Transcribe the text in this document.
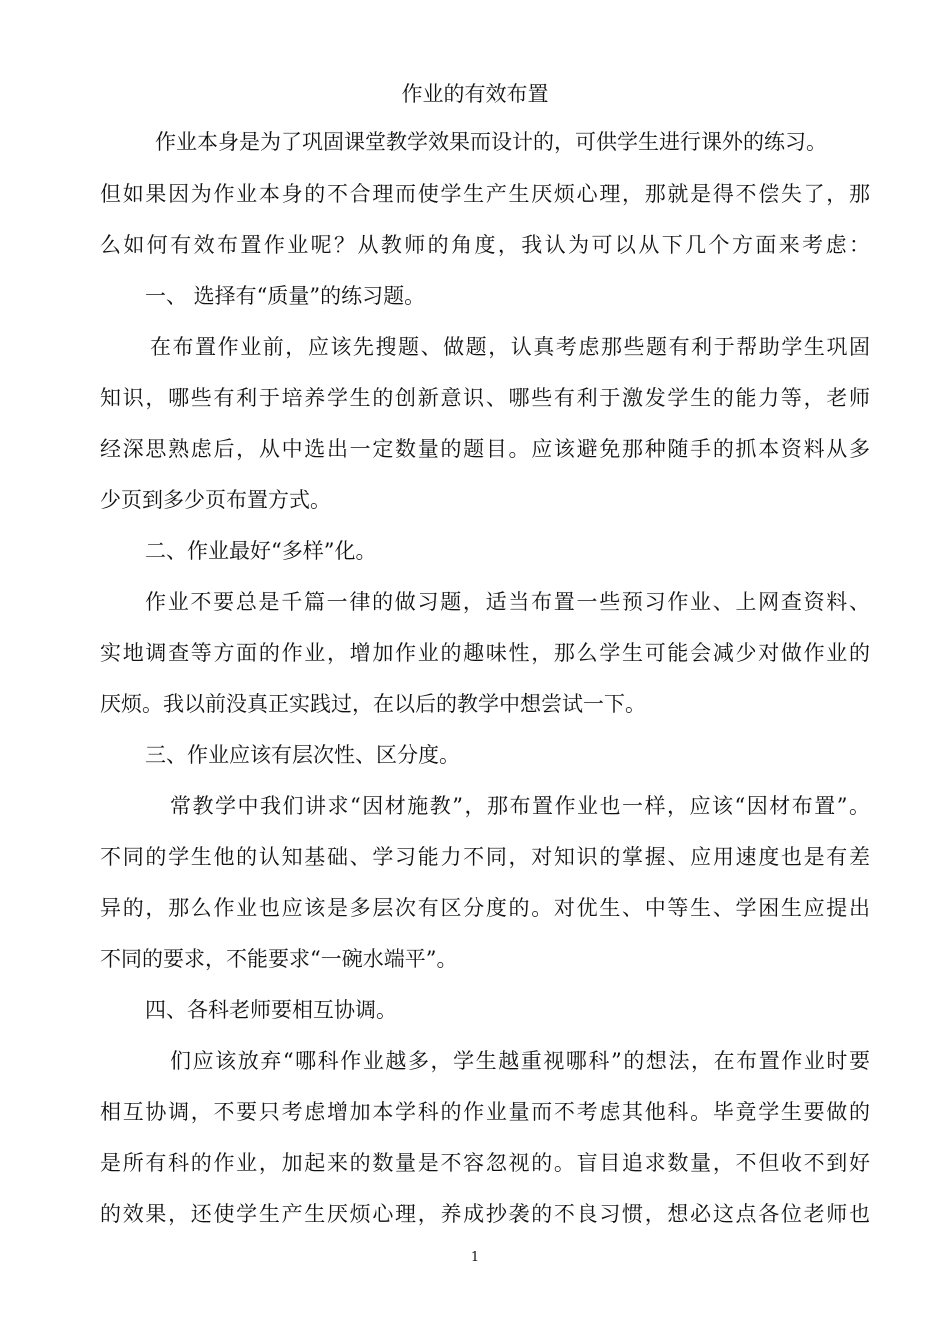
作业的有效布置
作业本身是为了巩固课堂教学效果而设计的，可供学生进行课外的练习。
但如果因为作业本身的不合理而使学生产生厌烦心理，那就是得不偿失了，那
么如何有效布置作业呢？从教师的角度，我认为可以从下几个方面来考虑：
一、 选择有“质量”的练习题。
在布置作业前，应该先搜题、做题，认真考虑那些题有利于帮助学生巩固
知识，哪些有利于培养学生的创新意识、哪些有利于激发学生的能力等，老师
经深思熟虑后，从中选出一定数量的题目。应该避免那种随手的抓本资料从多
少页到多少页布置方式。
二、作业最好“多样”化。
作业不要总是千篇一律的做习题，适当布置一些预习作业、上网查资料、
实地调查等方面的作业，增加作业的趣味性，那么学生可能会减少对做作业的
厌烦。我以前没真正实践过，在以后的教学中想尝试一下。
三、作业应该有层次性、区分度。
常教学中我们讲求“因材施教”，那布置作业也一样，应该“因材布置”。
不同的学生他的认知基础、学习能力不同，对知识的掌握、应用速度也是有差
异的，那么作业也应该是多层次有区分度的。对优生、中等生、学困生应提出
不同的要求，不能要求“一碗水端平”。
四、各科老师要相互协调。
们应该放弃“哪科作业越多，学生越重视哪科”的想法，在布置作业时要
相互协调，不要只考虑增加本学科的作业量而不考虑其他科。毕竟学生要做的
是所有科的作业，加起来的数量是不容忽视的。盲目追求数量，不但收不到好
的效果，还使学生产生厌烦心理，养成抄袭的不良习惯，想必这点各位老师也
1
